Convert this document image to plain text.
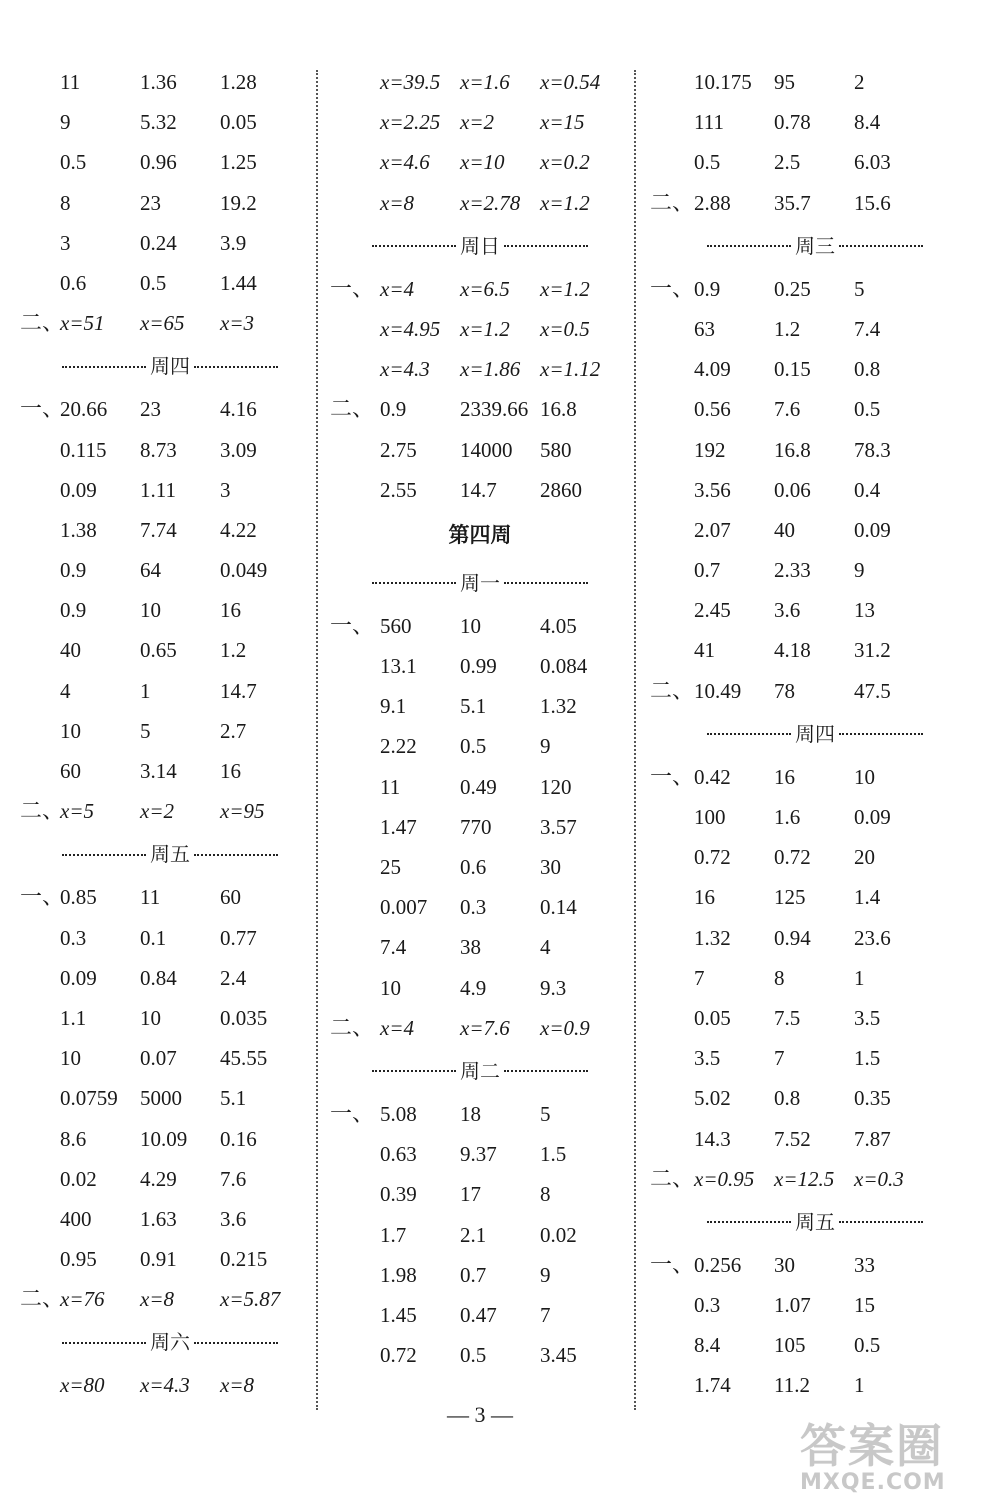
11	1.36 1.28
9	5.32 0.05
0.5	0.96 1.25
8	23	19.2
3	0.24 3.9
0.6	0.5	1.44
二、
x=51 x=65 x=3
周四
一、
20.66 23	4.16
0.115 8.73 3.09
0.09 1.11 3
1.38 7.74 4.22
0.9	64	0.049
0.9	10	16
40	0.65 1.2
4	1	14.7
10	5	2.7
60	3.14 16
二、
x=5 x=2 x=95
周五
一、
0.85 11	60
0.3	0.1	0.77
0.09 0.84 2.4
1.1	10	0.035
10	0.07 45.55
0.0759 5000 5.1
8.6	10.09 0.16
0.02 4.29 7.6
400 1.63 3.6
0.95 0.91 0.215
二、
x=76 x=8 x=5.87
周六
x=80 x=4.3 x=8
x=39.5 x=1.6 x=0.54
x=2.25 x=2 x=15
x=4.6 x=10 x=0.2
x=8 x=2.78 x=1.2
周日
一、 x=4 x=6.5 x=1.2
x=4.95 x=1.2 x=0.5
x=4.3 x=1.86 x=1.12
二、 0.9	2339.66 16.8
2.75 14000 580
2.55 14.7 2860
第四周
周一
一、 560 10	4.05
13.1 0.99 0.084
9.1	5.1	1.32
2.22 0.5	9
11	0.49 120
1.47 770 3.57
25	0.6	30
0.007 0.3	0.14
7.4	38	4
10	4.9	9.3
二、 x=4 x=7.6 x=0.9
周二
一、 5.08 18	5
0.63 9.37 1.5
0.39 17	8
1.7	2.1	0.02
1.98 0.7	9
1.45 0.47 7
0.72 0.5	3.45
10.175 95	2
111 0.78 8.4
0.5	2.5	6.03
二、 2.88 35.7 15.6
周三
一、 0.9	0.25 5
63	1.2	7.4
4.09 0.15 0.8
0.56 7.6	0.5
192 16.8 78.3
3.56 0.06 0.4
2.07 40	0.09
0.7	2.33 9
2.45 3.6	13
41	4.18 31.2
二、 10.49 78	47.5
周四
一、 0.42 16	10
100 1.6	0.09
0.72 0.72 20
16	125 1.4
1.32 0.94 23.6
7	8	1
0.05 7.5	3.5
3.5	7	1.5
5.02 0.8	0.35
14.3 7.52 7.87
二、 x=0.95 x=12.5 x=0.3
周五
一、 0.256 30	33
0.3	1.07 15
8.4	105 0.5
1.74 11.2 1
— 3 —
答案圈
MXQE.COM
